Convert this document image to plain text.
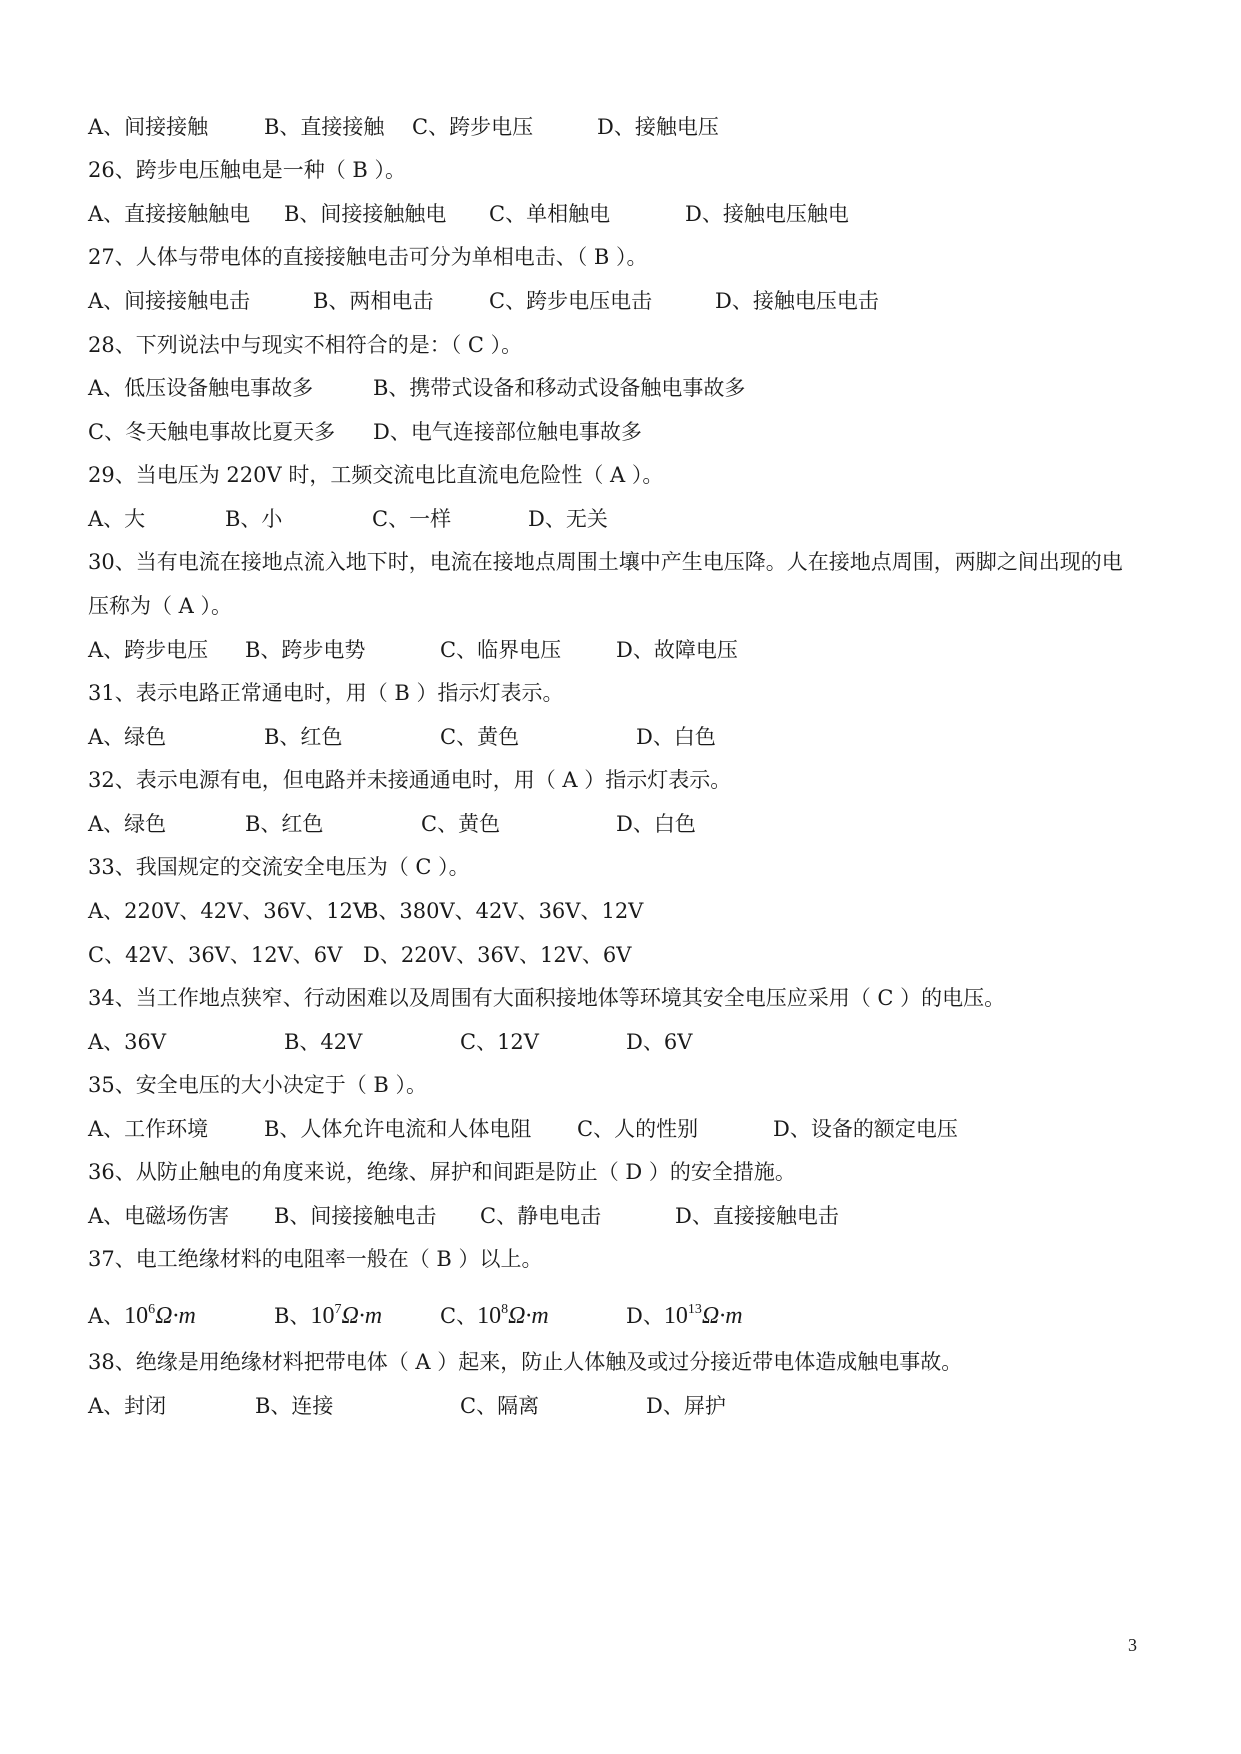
A、间接接触	B、直接接触 C、跨步电压	D、接触电压
26、跨步电压触电是一种（ B ）。
A、直接接触触电 B、间接接触触电 C、单相触电	D、接触电压触电
27、人体与带电体的直接接触电击可分为单相电击、（ B ）。
A、间接接触电击	B、两相电击	C、跨步电压电击	D、接触电压电击
28、下列说法中与现实不相符合的是：（ C ）。
A、低压设备触电事故多	B、携带式设备和移动式设备触电事故多
C、冬天触电事故比夏天多 D、电气连接部位触电事故多
29、当电压为 220V 时，工频交流电比直流电危险性（ A ）。
A、大	B、小	C、一样	D、无关
30、当有电流在接地点流入地下时，电流在接地点周围土壤中产生电压降。人在接地点周围，两脚之间出现的电
压称为（ A ）。
A、跨步电压 B、跨步电势	C、临界电压	D、故障电压
31、表示电路正常通电时，用（ B ）指示灯表示。
A、绿色	B、红色	C、黄色	D、白色
32、表示电源有电，但电路并未接通通电时，用（ A ）指示灯表示。
A、绿色	B、红色	C、黄色	D、白色
33、我国规定的交流安全电压为（ C ）。
A、220V、42V、36V、12V
B、380V、42V、36V、12V
C、42V、36V、12V、6V D、220V、36V、12V、6V
34、当工作地点狭窄、行动困难以及周围有大面积接地体等环境其安全电压应采用（ C ）的电压。
A、36V	B、42V	C、12V	D、6V
35、安全电压的大小决定于（ B ）。
A、工作环境	B、人体允许电流和人体电阻 C、人的性别	D、设备的额定电压
36、从防止触电的角度来说，绝缘、屏护和间距是防止（ D ）的安全措施。
A、电磁场伤害 B、间接接触电击 C、静电电击	D、直接接触电击
37、电工绝缘材料的电阻率一般在（ B ）以上。
A、$10^6\Omega\cdot m$	B、$10^7\Omega\cdot m$	C、$10^8\Omega\cdot m$	D、$10^{13}\Omega\cdot m$
38、绝缘是用绝缘材料把带电体（ A ）起来，防止人体触及或过分接近带电体造成触电事故。
A、封闭	B、连接	C、隔离	D、屏护
3
